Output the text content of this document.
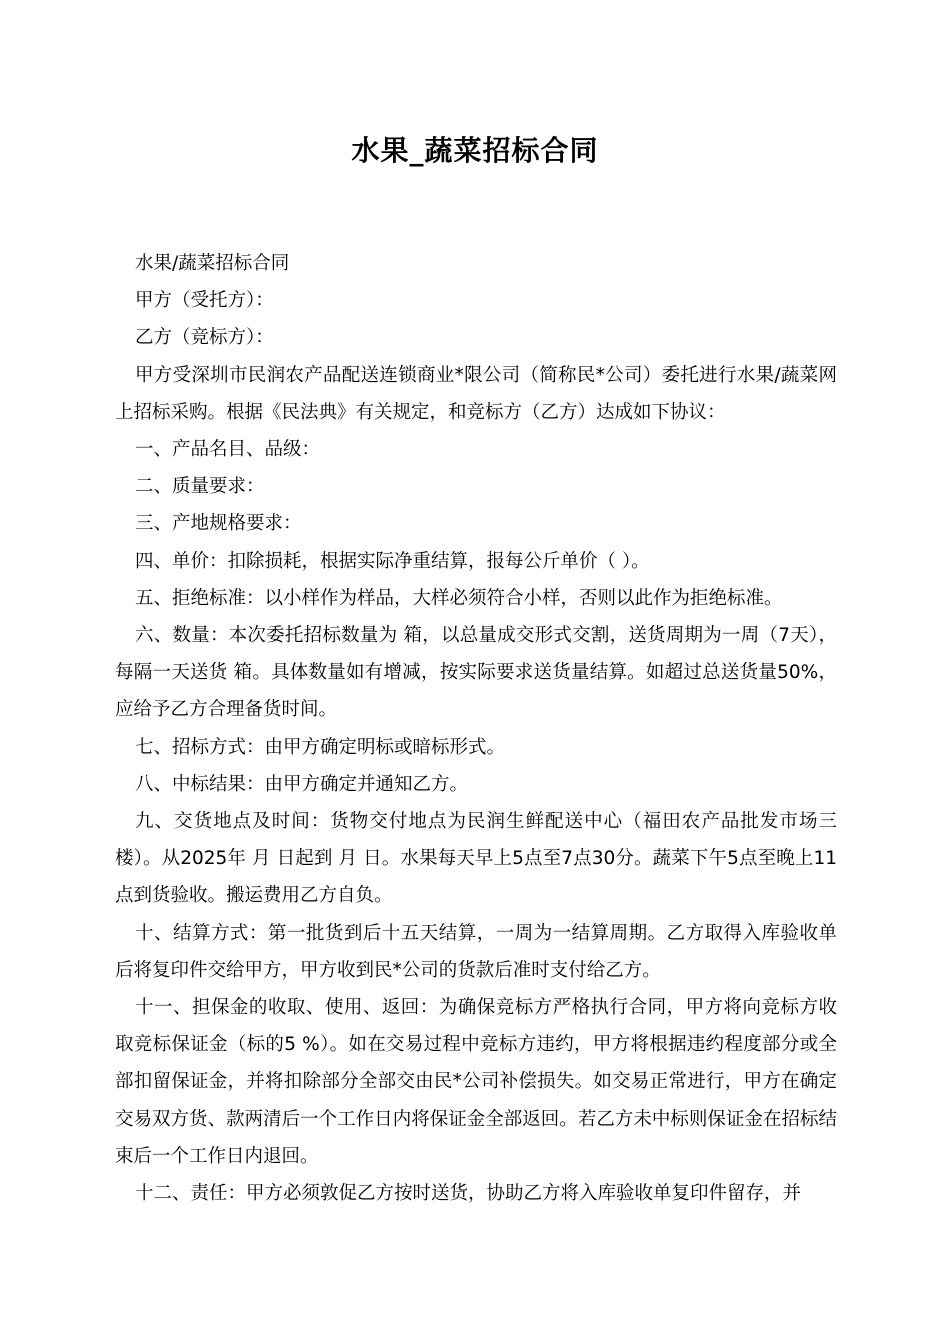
水果_蔬菜招标合同

水果/蔬菜招标合同

甲方（受托方）：

乙方（竞标方）：

甲方受深圳市民润农产品配送连锁商业*限公司（简称民*公司）委托进行水果/蔬菜网上招标采购。根据《民法典》有关规定，和竞标方（乙方）达成如下协议：

一、产品名目、品级：

二、质量要求：

三、产地规格要求：

四、单价：扣除损耗，根据实际净重结算，报每公斤单价（ ）。

五、拒绝标准：以小样作为样品，大样必须符合小样，否则以此作为拒绝标准。

六、数量：本次委托招标数量为 箱，以总量成交形式交割，送货周期为一周（7天），每隔一天送货 箱。具体数量如有增减，按实际要求送货量结算。如超过总送货量50%，应给予乙方合理备货时间。

七、招标方式：由甲方确定明标或暗标形式。

八、中标结果：由甲方确定并通知乙方。

九、交货地点及时间：货物交付地点为民润生鲜配送中心（福田农产品批发市场三楼）。从2025年 月 日起到 月 日。水果每天早上5点至7点30分。蔬菜下午5点至晚上11点到货验收。搬运费用乙方自负。

十、结算方式：第一批货到后十五天结算，一周为一结算周期。乙方取得入库验收单后将复印件交给甲方，甲方收到民*公司的货款后准时支付给乙方。

十一、担保金的收取、使用、返回：为确保竞标方严格执行合同，甲方将向竞标方收取竞标保证金（标的5 %）。如在交易过程中竞标方违约，甲方将根据违约程度部分或全部扣留保证金，并将扣除部分全部交由民*公司补偿损失。如交易正常进行，甲方在确定交易双方货、款两清后一个工作日内将保证金全部返回。若乙方未中标则保证金在招标结束后一个工作日内退回。

十二、责任：甲方必须敦促乙方按时送货，协助乙方将入库验收单复印件留存，并
